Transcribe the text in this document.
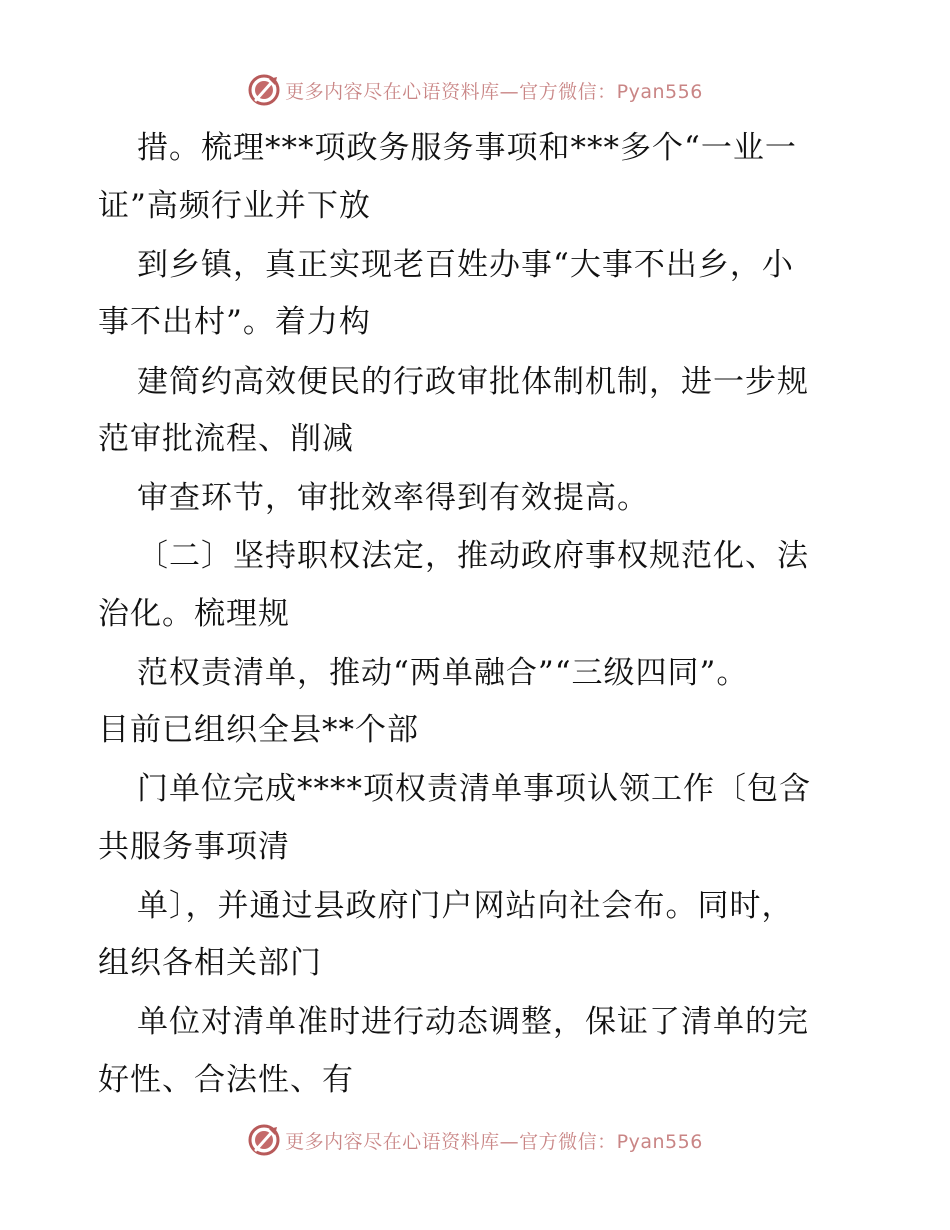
更多内容尽在心语资料库—官方微信：Pyan556
措。梳理***项政务服务事项和***多个“一业一
证”高频行业并下放
到乡镇，真正实现老百姓办事“大事不出乡，小
事不出村”。着力构
建简约高效便民的行政审批体制机制，进一步规
范审批流程、削减
审查环节，审批效率得到有效提高。
〔二〕坚持职权法定，推动政府事权规范化、法
治化。梳理规
范权责清单，推动“两单融合”“三级四同”。
目前已组织全县**个部
门单位完成****项权责清单事项认领工作〔包含
共服务事项清
单〕，并通过县政府门户网站向社会布。同时，
组织各相关部门
单位对清单准时进行动态调整，保证了清单的完
好性、合法性、有
更多内容尽在心语资料库—官方微信：Pyan556
